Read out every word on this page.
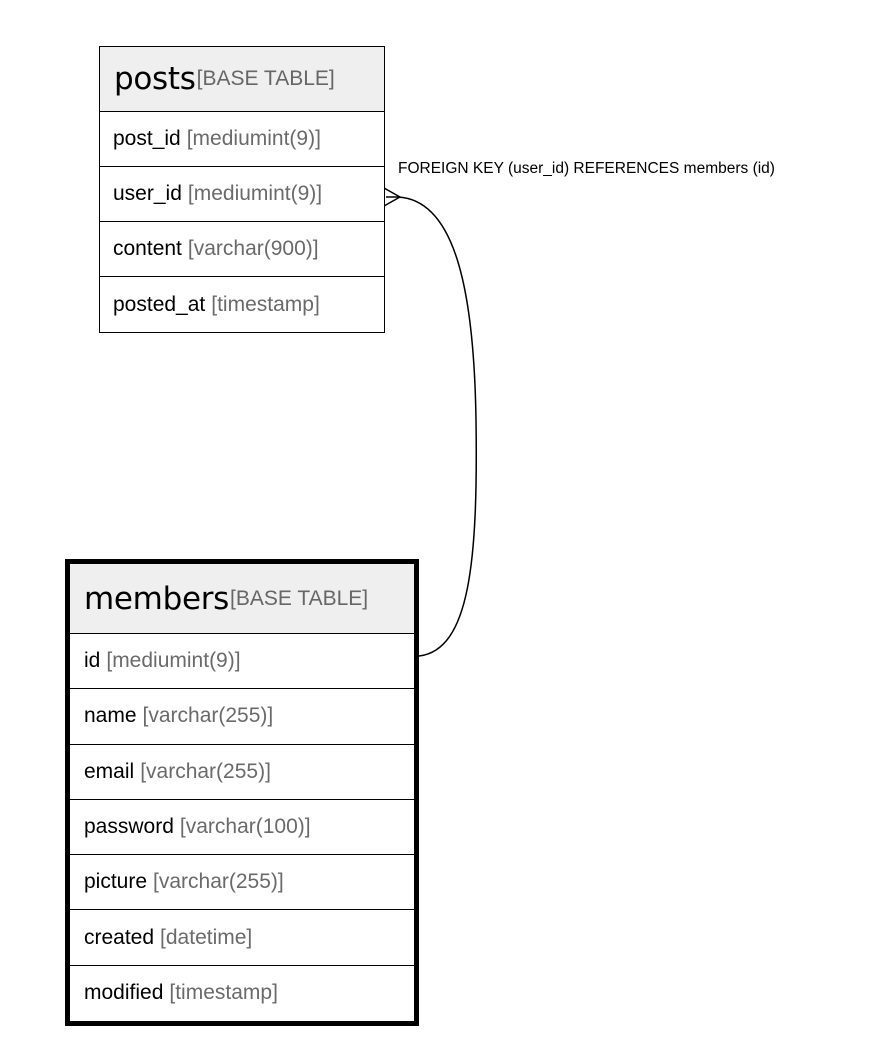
FOREIGN KEY (user_id) REFERENCES members (id)
posts [BASE TABLE]
post_id [mediumint(9)]
user_id [mediumint(9)]
content [varchar(900)]
posted_at [timestamp]
members [BASE TABLE]
id [mediumint(9)]
name [varchar(255)]
email [varchar(255)]
password [varchar(100)]
picture [varchar(255)]
created [datetime]
modified [timestamp]
